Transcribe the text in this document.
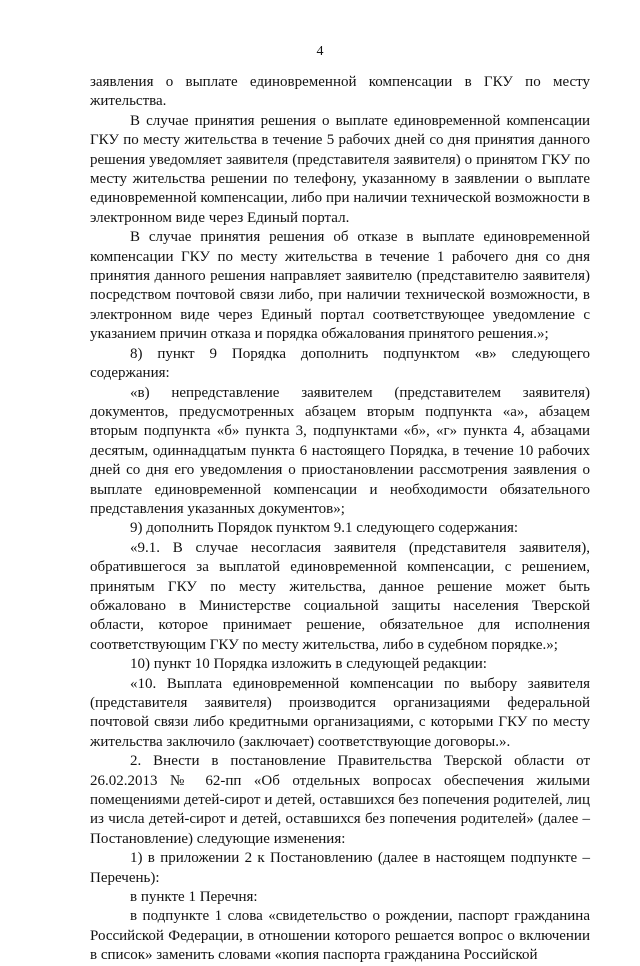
4

заявления о выплате единовременной компенсации в ГКУ по месту жительства.

В случае принятия решения о выплате единовременной компенсации ГКУ по месту жительства в течение 5 рабочих дней со дня принятия данного решения уведомляет заявителя (представителя заявителя) о принятом ГКУ по месту жительства решении по телефону, указанному в заявлении о выплате единовременной компенсации, либо при наличии технической возможности в электронном виде через Единый портал.

В случае принятия решения об отказе в выплате единовременной компенсации ГКУ по месту жительства в течение 1 рабочего дня со дня принятия данного решения направляет заявителю (представителю заявителя) посредством почтовой связи либо, при наличии технической возможности, в электронном виде через Единый портал соответствующее уведомление с указанием причин отказа и порядка обжалования принятого решения.»;

8) пункт 9 Порядка дополнить подпунктом «в» следующего содержания:

«в) непредставление заявителем (представителем заявителя) документов, предусмотренных абзацем вторым подпункта «а», абзацем вторым подпункта «б» пункта 3, подпунктами «б», «г» пункта 4, абзацами десятым, одиннадцатым пункта 6 настоящего Порядка, в течение 10 рабочих дней со дня его уведомления о приостановлении рассмотрения заявления о выплате единовременной компенсации и необходимости обязательного представления указанных документов»;

9) дополнить Порядок пунктом 9.1 следующего содержания:

«9.1. В случае несогласия заявителя (представителя заявителя), обратившегося за выплатой единовременной компенсации, с решением, принятым ГКУ по месту жительства, данное решение может быть обжаловано в Министерстве социальной защиты населения Тверской области, которое принимает решение, обязательное для исполнения соответствующим ГКУ по месту жительства, либо в судебном порядке.»;

10) пункт 10 Порядка изложить в следующей редакции:

«10. Выплата единовременной компенсации по выбору заявителя (представителя заявителя) производится организациями федеральной почтовой связи либо кредитными организациями, с которыми ГКУ по месту жительства заключило (заключает) соответствующие договоры.».

2. Внести в постановление Правительства Тверской области от 26.02.2013 № 62-пп «Об отдельных вопросах обеспечения жилыми помещениями детей-сирот и детей, оставшихся без попечения родителей, лиц из числа детей-сирот и детей, оставшихся без попечения родителей» (далее – Постановление) следующие изменения:

1) в приложении 2 к Постановлению (далее в настоящем подпункте – Перечень):

в пункте 1 Перечня:

в подпункте 1 слова «свидетельство о рождении, паспорт гражданина Российской Федерации, в отношении которого решается вопрос о включении в список» заменить словами «копия паспорта гражданина Российской
